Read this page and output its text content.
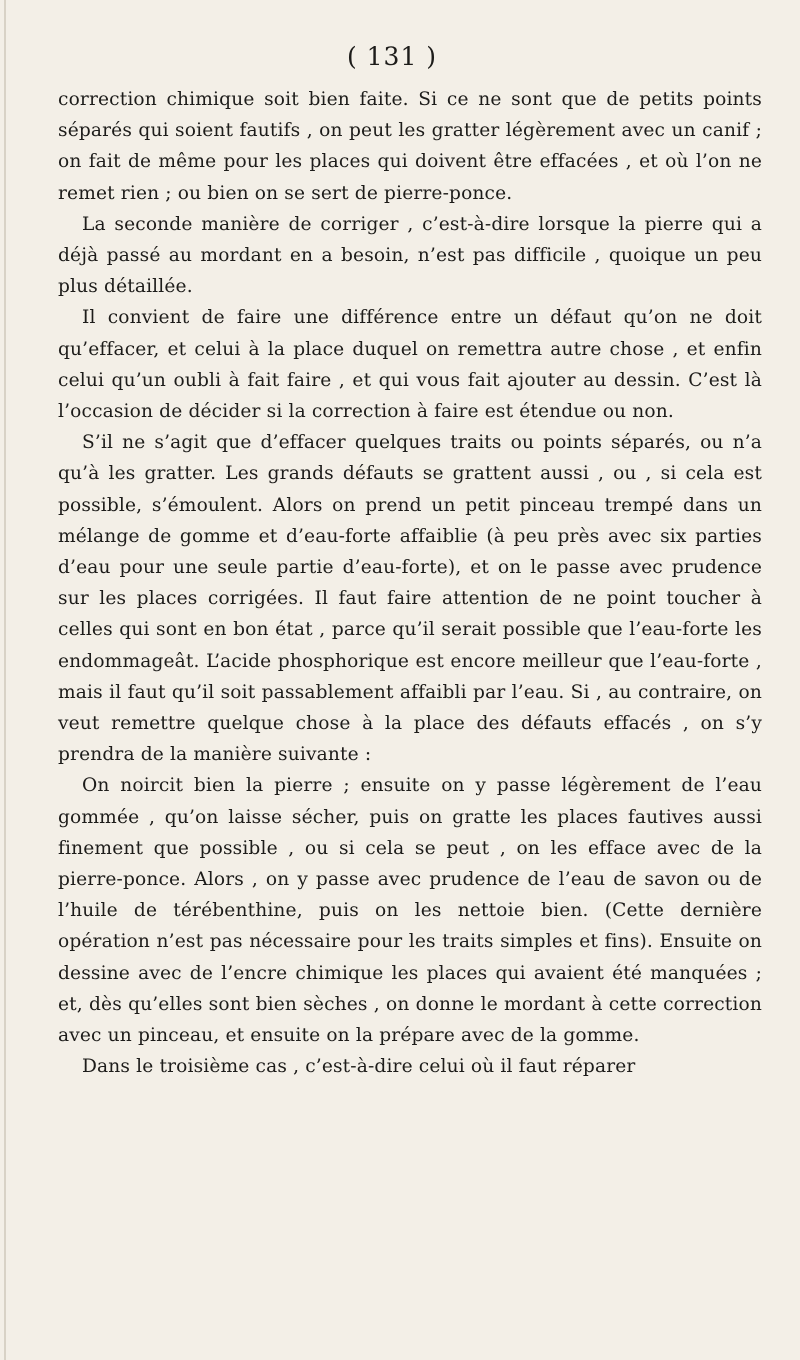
( 131 )

correction chimique soit bien faite. Si ce ne sont que de petits points séparés qui soient fautifs , on peut les gratter légèrement avec un canif ; on fait de même pour les places qui doivent être effacées , et où l’on ne remet rien ; ou bien on se sert de pierre-ponce.

La seconde manière de corriger , c’est-à-dire lorsque la pierre qui a déjà passé au mordant en a besoin, n’est pas difficile , quoique un peu plus détaillée.

Il convient de faire une différence entre un défaut qu’on ne doit qu’effacer, et celui à la place duquel on remettra autre chose , et enfin celui qu’un oubli à fait faire , et qui vous fait ajouter au dessin. C’est là l’occasion de décider si la correction à faire est étendue ou non.

S’il ne s’agit que d’effacer quelques traits ou points séparés, ou n’a qu’à les gratter. Les grands défauts se grattent aussi , ou , si cela est possible, s’émoulent. Alors on prend un petit pinceau trempé dans un mélange de gomme et d’eau-forte affaiblie (à peu près avec six parties d’eau pour une seule partie d’eau-forte), et on le passe avec prudence sur les places corrigées. Il faut faire attention de ne point toucher à celles qui sont en bon état , parce qu’il serait possible que l’eau-forte les endommageât. L’acide phosphorique est encore meilleur que l’eau-forte , mais il faut qu’il soit passablement affaibli par l’eau. Si , au contraire, on veut remettre quelque chose à la place des défauts effacés , on s’y prendra de la manière suivante :

On noircit bien la pierre ; ensuite on y passe légèrement de l’eau gommée , qu’on laisse sécher, puis on gratte les places fautives aussi finement que possible , ou si cela se peut , on les efface avec de la pierre-ponce. Alors , on y passe avec prudence de l’eau de savon ou de l’huile de térébenthine, puis on les nettoie bien. (Cette dernière opération n’est pas nécessaire pour les traits simples et fins). Ensuite on dessine avec de l’encre chimique les places qui avaient été manquées ; et, dès qu’elles sont bien sèches , on donne le mordant à cette correction avec un pinceau, et ensuite on la prépare avec de la gomme.

Dans le troisième cas , c’est-à-dire celui où il faut réparer
